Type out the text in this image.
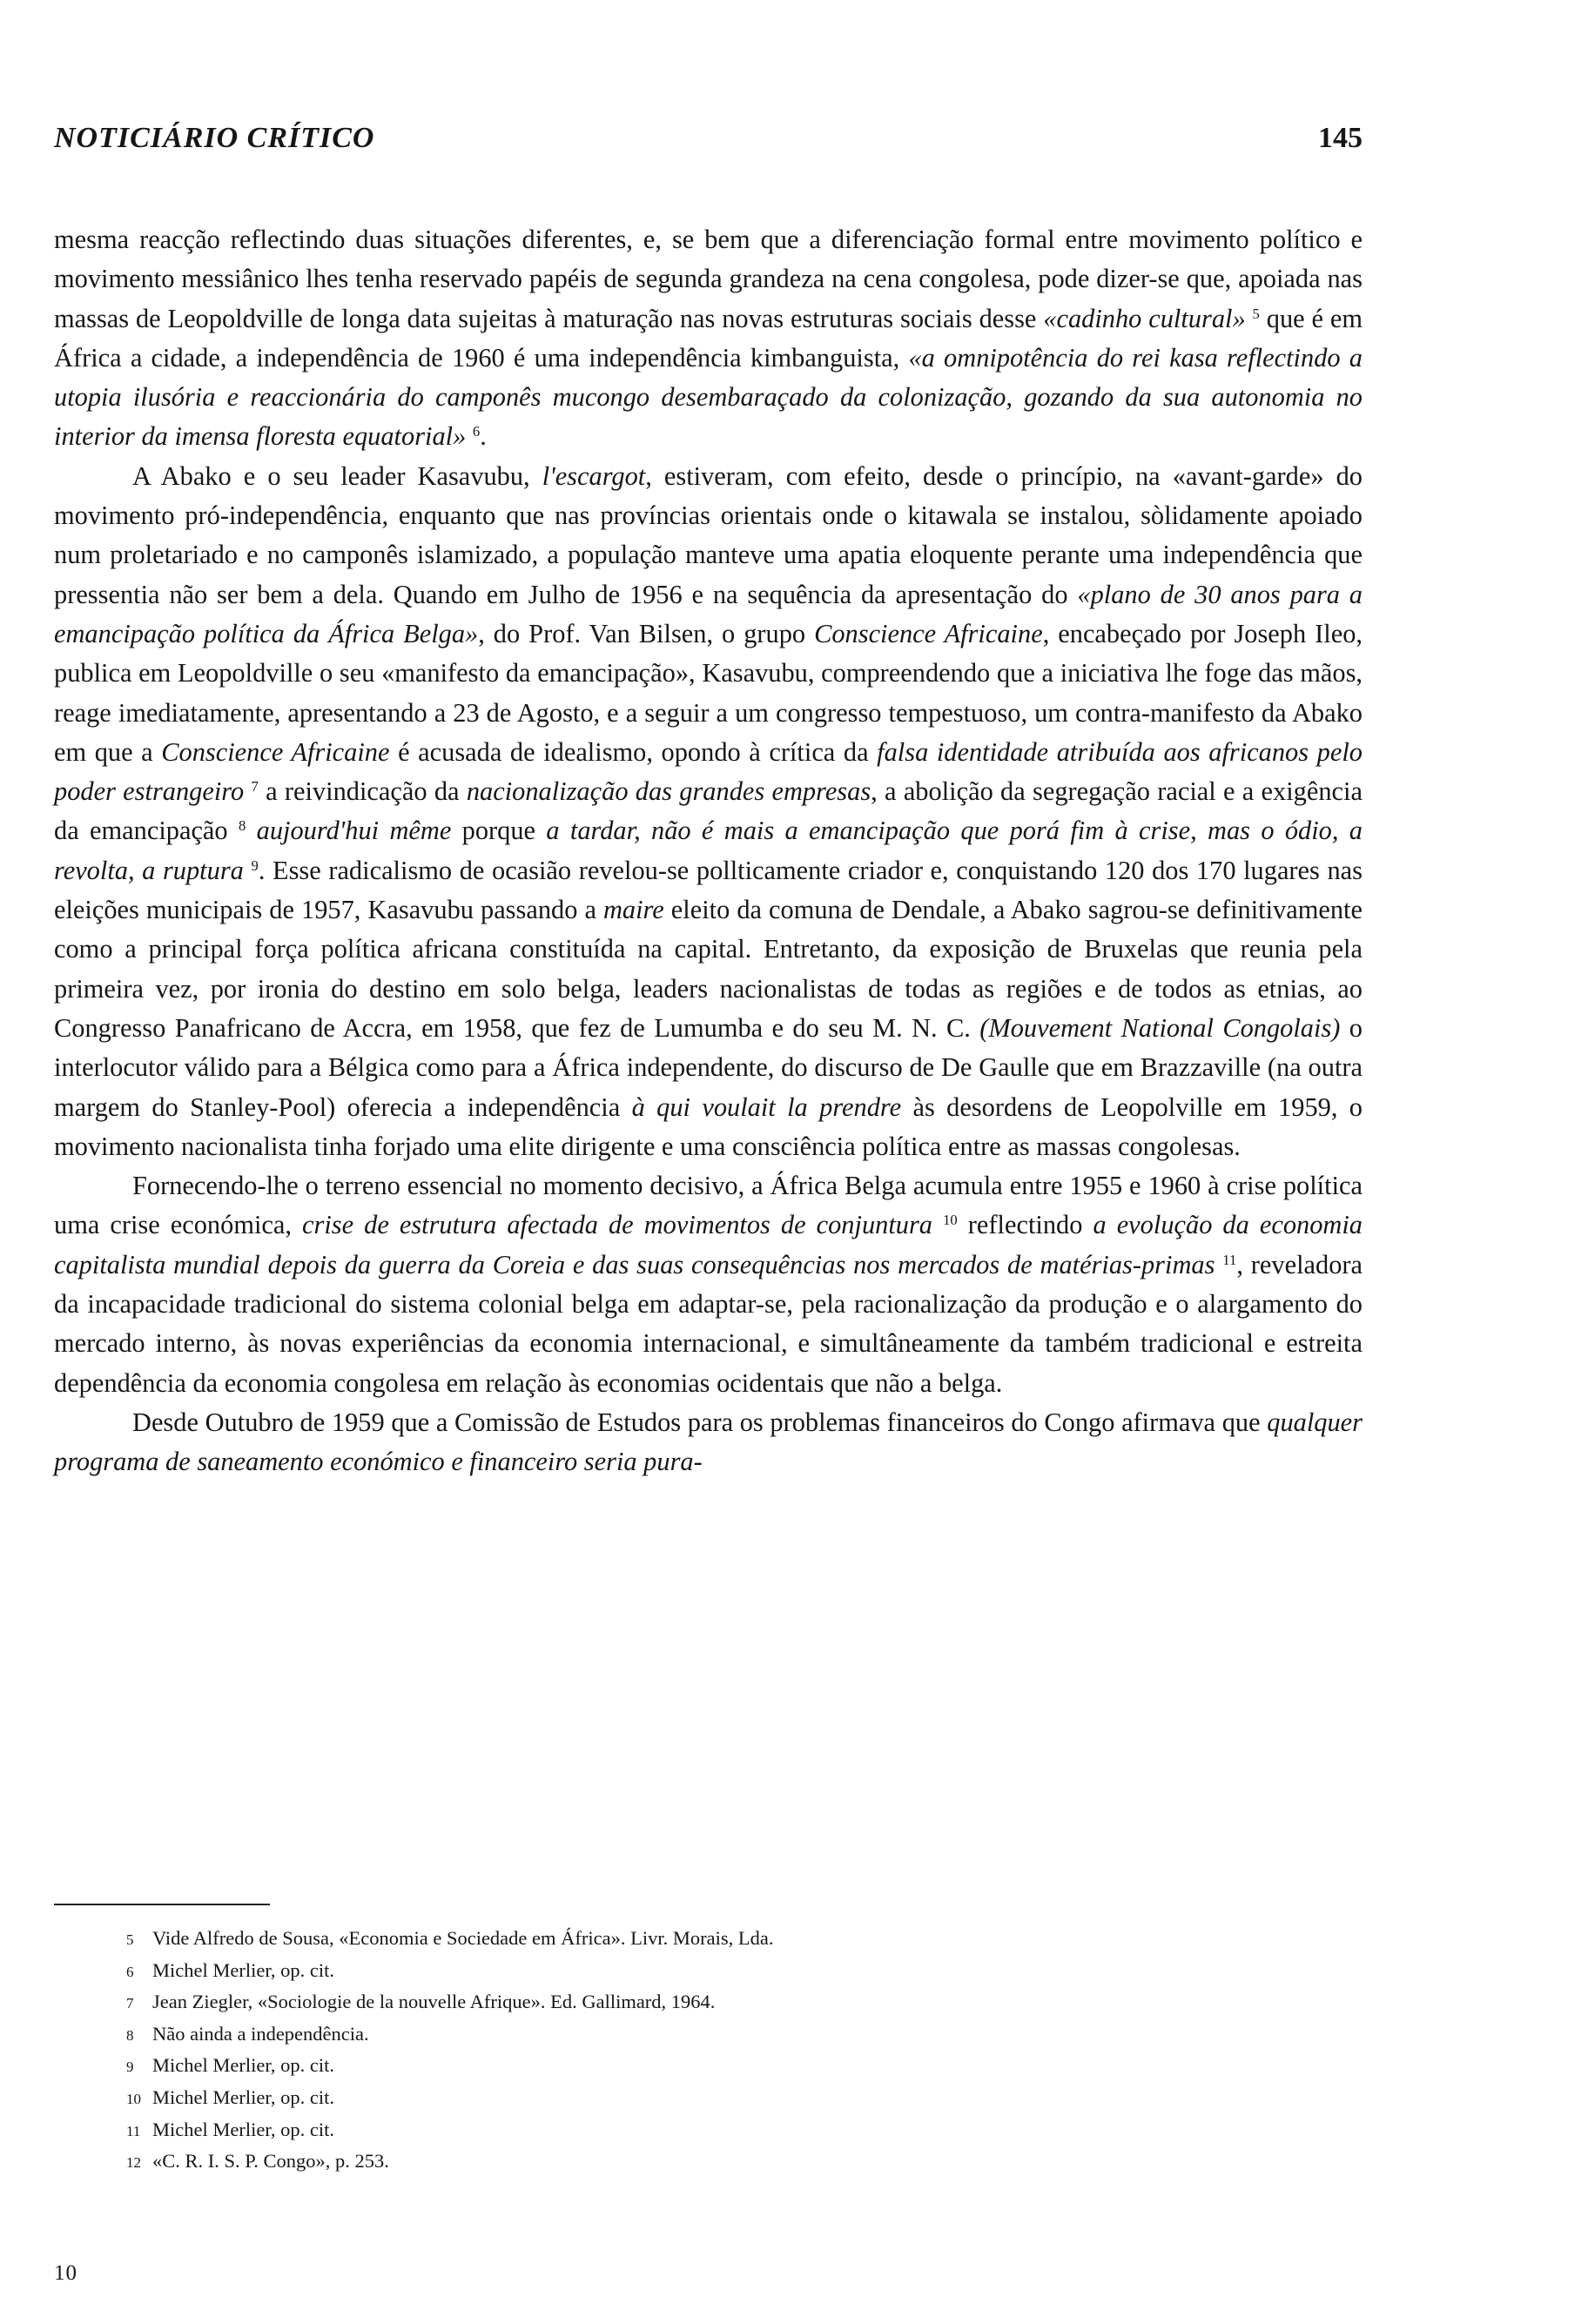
NOTICIÁRIO CRÍTICO	145

mesma reacção reflectindo duas situações diferentes, e, se bem que a diferenciação formal entre movimento político e movimento messiânico lhes tenha reservado papéis de segunda grandeza na cena congolesa, pode dizer-se que, apoiada nas massas de Leopoldville de longa data sujeitas à maturação nas novas estruturas sociais desse «cadinho cultural» $^5$ que é em África a cidade, a independência de 1960 é uma independência kimbanguista, «a omnipotência do rei kasa reflectindo a utopia ilusória e reaccionária do camponês mucongo desembaraçado da colonização, gozando da sua autonomia no interior da imensa floresta equatorial» $^6$.

A Abako e o seu leader Kasavubu, l'escargot, estiveram, com efeito, desde o princípio, na «avant-garde» do movimento pró-independência, enquanto que nas províncias orientais onde o kitawala se instalou, sòlidamente apoiado num proletariado e no camponês islamizado, a população manteve uma apatia eloquente perante uma independência que pressentia não ser bem a dela. Quando em Julho de 1956 e na sequência da apresentação do «plano de 30 anos para a emancipação política da África Belga», do Prof. Van Bilsen, o grupo Conscience Africaine, encabeçado por Joseph Ileo, publica em Leopoldville o seu «manifesto da emancipação», Kasavubu, compreendendo que a iniciativa lhe foge das mãos, reage imediatamente, apresentando a 23 de Agosto, e a seguir a um congresso tempestuoso, um contra-manifesto da Abako em que a Conscience Africaine é acusada de idealismo, opondo à crítica da falsa identidade atribuída aos africanos pelo poder estrangeiro $^7$ a reivindicação da nacionalização das grandes empresas, a abolição da segregação racial e a exigência da emancipação $^8$ aujourd'hui même porque a tardar, não é mais a emancipação que porá fim à crise, mas o ódio, a revolta, a ruptura $^9$. Esse radicalismo de ocasião revelou-se pollticamente criador e, conquistando 120 dos 170 lugares nas eleições municipais de 1957, Kasavubu passando a maire eleito da comuna de Dendale, a Abako sagrou-se definitivamente como a principal força política africana constituída na capital. Entretanto, da exposição de Bruxelas que reunia pela primeira vez, por ironia do destino em solo belga, leaders nacionalistas de todas as regiões e de todos as etnias, ao Congresso Panafricano de Accra, em 1958, que fez de Lumumba e do seu M. N. C. (Mouvement National Congolais) o interlocutor válido para a Bélgica como para a África independente, do discurso de De Gaulle que em Brazzaville (na outra margem do Stanley-Pool) oferecia a independência à qui voulait la prendre às desordens de Leopolville em 1959, o movimento nacionalista tinha forjado uma elite dirigente e uma consciência política entre as massas congolesas.

Fornecendo-lhe o terreno essencial no momento decisivo, a África Belga acumula entre 1955 e 1960 à crise política uma crise económica, crise de estrutura afectada de movimentos de conjuntura $^{10}$ reflectindo a evolução da economia capitalista mundial depois da guerra da Coreia e das suas consequências nos mercados de matérias-primas $^{11}$, reveladora da incapacidade tradicional do sistema colonial belga em adaptar-se, pela racionalização da produção e o alargamento do mercado interno, às novas experiências da economia internacional, e simultâneamente da também tradicional e estreita dependência da economia congolesa em relação às economias ocidentais que não a belga.

Desde Outubro de 1959 que a Comissão de Estudos para os problemas financeiros do Congo afirmava que qualquer programa de saneamento económico e financeiro seria pura-

5 Vide Alfredo de Sousa, «Economia e Sociedade em África». Livr. Morais, Lda.
6 Michel Merlier, op. cit.
7 Jean Ziegler, «Sociologie de la nouvelle Afrique». Ed. Gallimard, 1964.
8 Não ainda a independência.
9 Michel Merlier, op. cit.
10 Michel Merlier, op. cit.
11 Michel Merlier, op. cit.
12 «C. R. I. S. P. Congo», p. 253.
10
